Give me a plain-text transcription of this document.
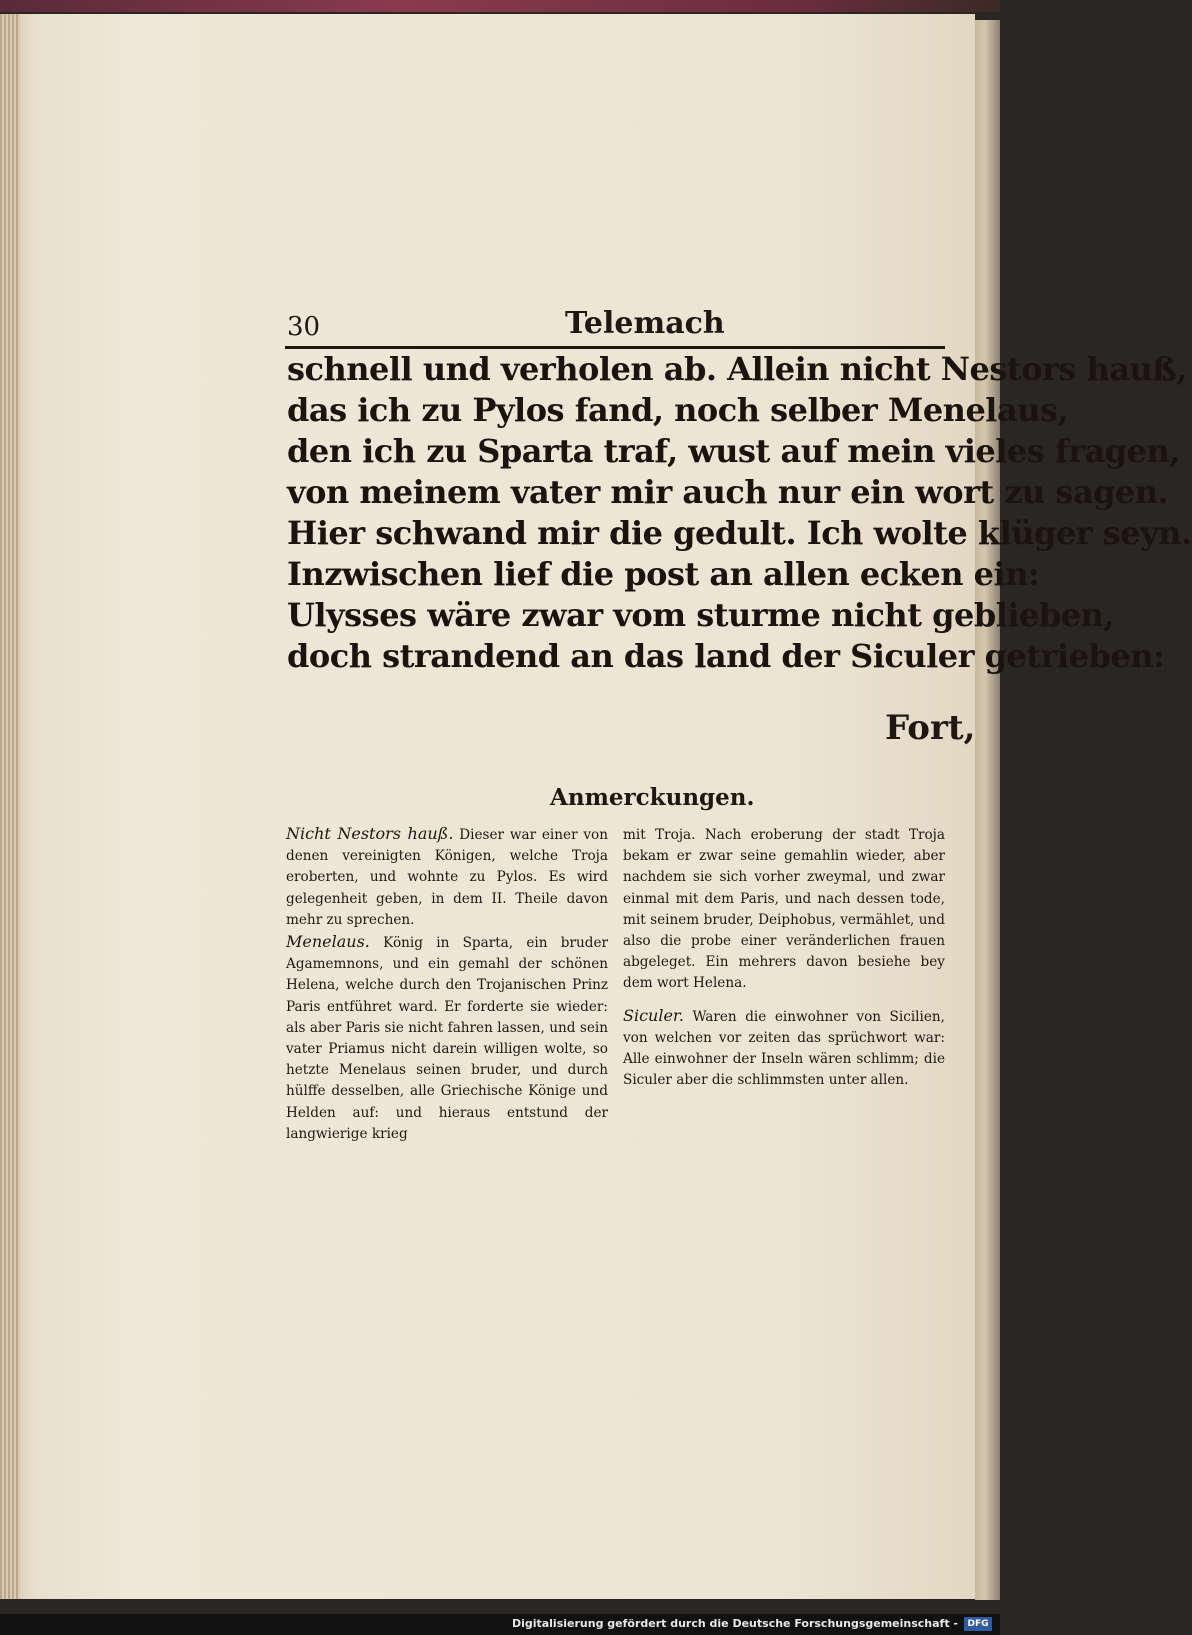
30	Telemach
schnell und verholen ab. Allein nicht Nestors hauß,
das ich zu Pylos fand, noch selber Menelaus,
den ich zu Sparta traf, wust auf mein vieles fragen,
von meinem vater mir auch nur ein wort zu sagen.
Hier schwand mir die gedult. Ich wolte klüger seyn.
Inzwischen lief die post an allen ecken ein:
Ulysses wäre zwar vom sturme nicht geblieben,
doch strandend an das land der Siculer getrieben:
Fort,
Anmerckungen.

Nicht Nestors hauß. Dieser war einer von denen vereinigten Königen, welche Troja eroberten, und wohnte zu Pylos. Es wird gelegenheit geben, in dem II. Theile davon mehr zu sprechen.

Menelaus. König in Sparta, ein bruder Agamemnons, und ein gemahl der schönen Helena, welche durch den Trojanischen Prinz Paris entführet ward. Er forderte sie wieder: als aber Paris sie nicht fahren lassen, und sein vater Priamus nicht darein willigen wolte, so hetzte Menelaus seinen bruder, und durch hülffe desselben, alle Griechische Könige und Helden auf: und hieraus entstund der langwierige krieg

mit Troja. Nach eroberung der stadt Troja bekam er zwar seine gemahlin wieder, aber nachdem sie sich vorher zweymal, und zwar einmal mit dem Paris, und nach dessen tode, mit seinem bruder, Deiphobus, vermählet, und also die probe einer veränderlichen frauen abgeleget. Ein mehrers davon besiehe bey dem wort Helena.

Siculer. Waren die einwohner von Sicilien, von welchen vor zeiten das sprüchwort war: Alle einwohner der Inseln wären schlimm; die Siculer aber die schlimmsten unter allen.

Digitalisierung gefördert durch die Deutsche Forschungsgemeinschaft -	DFG
